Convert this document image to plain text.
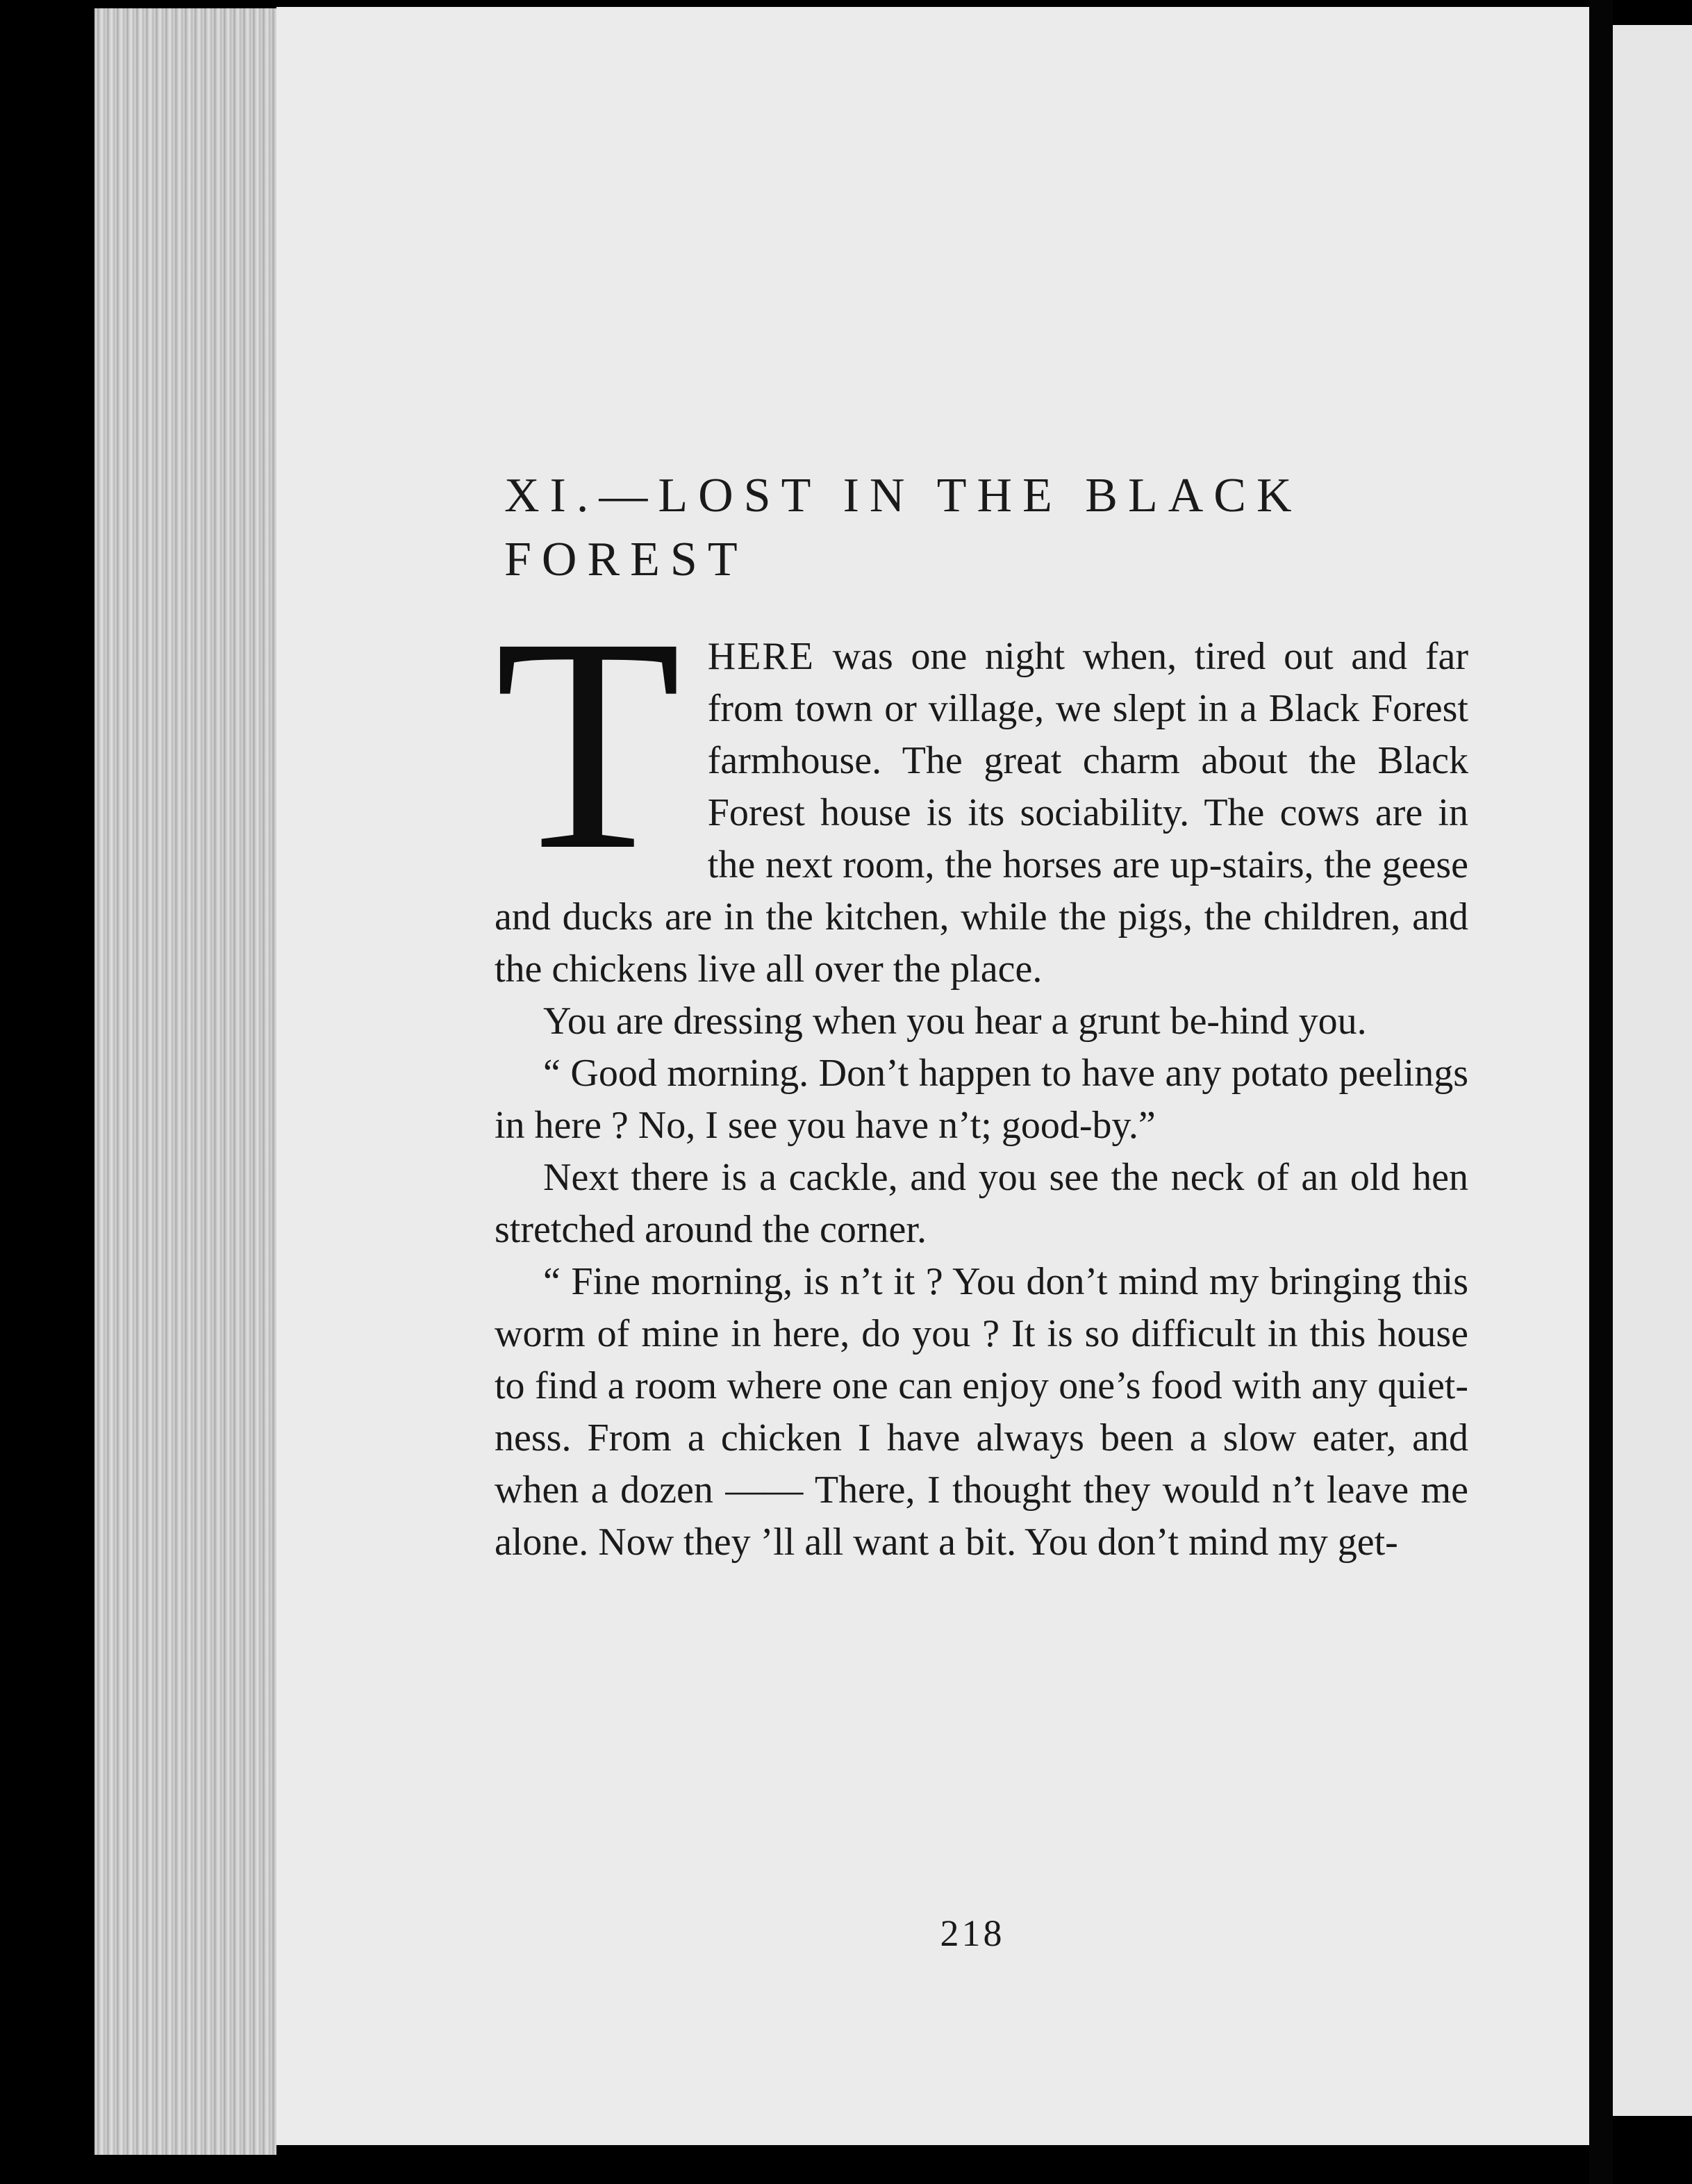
XI.—LOST IN THE BLACK
FOREST

THERE was one night when, tired out and far from town or village, we slept in a Black Forest farmhouse. The great charm about the Black Forest house is its sociability. The cows are in the next room, the horses are up-stairs, the geese and ducks are in the kitchen, while the pigs, the children, and the chickens live all over the place.

You are dressing when you hear a grunt be-hind you.

“ Good morning. Don’t happen to have any potato peelings in here ? No, I see you have n’t; good-by.”

Next there is a cackle, and you see the neck of an old hen stretched around the corner.

“ Fine morning, is n’t it ? You don’t mind my bringing this worm of mine in here, do you ? It is so difficult in this house to find a room where one can enjoy one’s food with any quiet-ness. From a chicken I have always been a slow eater, and when a dozen —— There, I thought they would n’t leave me alone. Now they ’ll all want a bit. You don’t mind my get-

218
